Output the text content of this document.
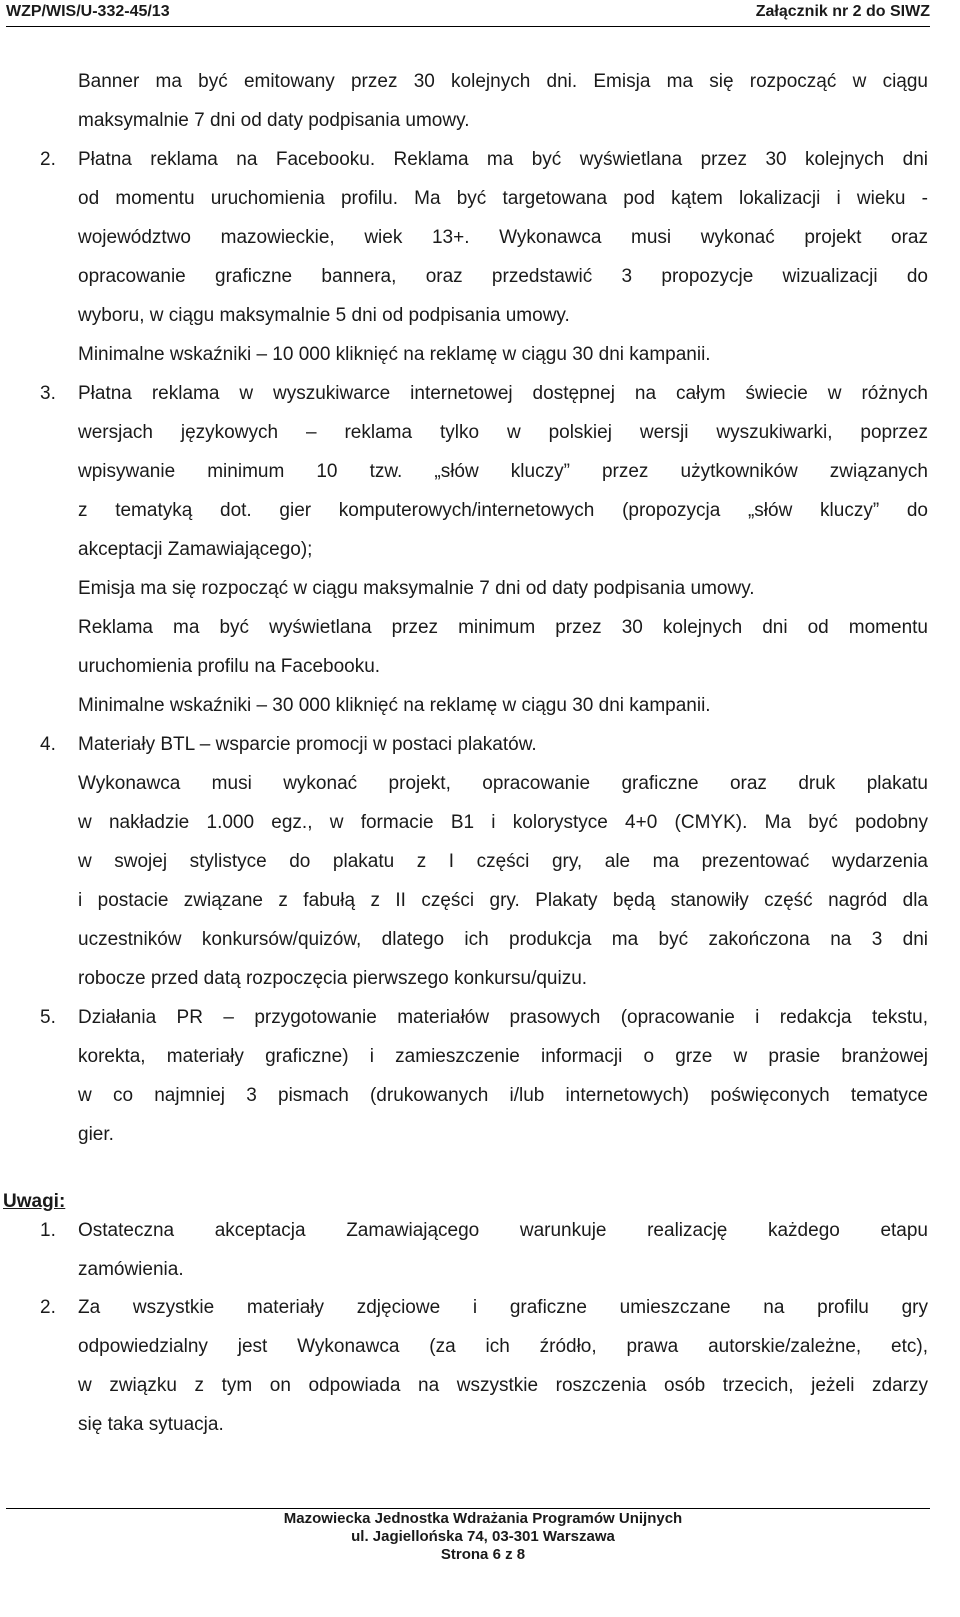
WZP/WIS/U-332-45/13	Załącznik nr 2 do SIWZ
Banner ma być emitowany przez 30 kolejnych dni. Emisja ma się rozpocząć w ciągu
maksymalnie 7 dni od daty podpisania umowy.
2. Płatna reklama na Facebooku. Reklama ma być wyświetlana przez 30 kolejnych dni
od momentu uruchomienia profilu. Ma być targetowana pod kątem lokalizacji i wieku -
województwo mazowieckie, wiek 13+. Wykonawca musi wykonać projekt oraz
opracowanie graficzne bannera, oraz przedstawić 3 propozycje wizualizacji do
wyboru, w ciągu maksymalnie 5 dni od podpisania umowy.
Minimalne wskaźniki – 10 000 kliknięć na reklamę w ciągu 30 dni kampanii.
3. Płatna reklama w wyszukiwarce internetowej dostępnej na całym świecie w różnych
wersjach językowych – reklama tylko w polskiej wersji wyszukiwarki, poprzez
wpisywanie minimum 10 tzw. „słów kluczy” przez użytkowników związanych
z tematyką dot. gier komputerowych/internetowych (propozycja „słów kluczy” do
akceptacji Zamawiającego);
Emisja ma się rozpocząć w ciągu maksymalnie 7 dni od daty podpisania umowy.
Reklama ma być wyświetlana przez minimum przez 30 kolejnych dni od momentu
uruchomienia profilu na Facebooku.
Minimalne wskaźniki – 30 000 kliknięć na reklamę w ciągu 30 dni kampanii.
4. Materiały BTL – wsparcie promocji w postaci plakatów.
Wykonawca musi wykonać projekt, opracowanie graficzne oraz druk plakatu
w nakładzie 1.000 egz., w formacie B1 i kolorystyce 4+0 (CMYK). Ma być podobny
w swojej stylistyce do plakatu z I części gry, ale ma prezentować wydarzenia
i postacie związane z fabułą z II części gry. Plakaty będą stanowiły część nagród dla
uczestników konkursów/quizów, dlatego ich produkcja ma być zakończona na 3 dni
robocze przed datą rozpoczęcia pierwszego konkursu/quizu.
5. Działania PR – przygotowanie materiałów prasowych (opracowanie i redakcja tekstu,
korekta, materiały graficzne) i zamieszczenie informacji o grze w prasie branżowej
w co najmniej 3 pismach (drukowanych i/lub internetowych) poświęconych tematyce
gier.
Uwagi:
1. Ostateczna akceptacja Zamawiającego warunkuje realizację każdego etapu
zamówienia.
2. Za wszystkie materiały zdjęciowe i graficzne umieszczane na profilu gry
odpowiedzialny jest Wykonawca (za ich źródło, prawa autorskie/zależne, etc),
w związku z tym on odpowiada na wszystkie roszczenia osób trzecich, jeżeli zdarzy
się taka sytuacja.
Mazowiecka Jednostka Wdrażania Programów Unijnych
ul. Jagiellońska 74, 03-301 Warszawa
Strona 6 z 8
